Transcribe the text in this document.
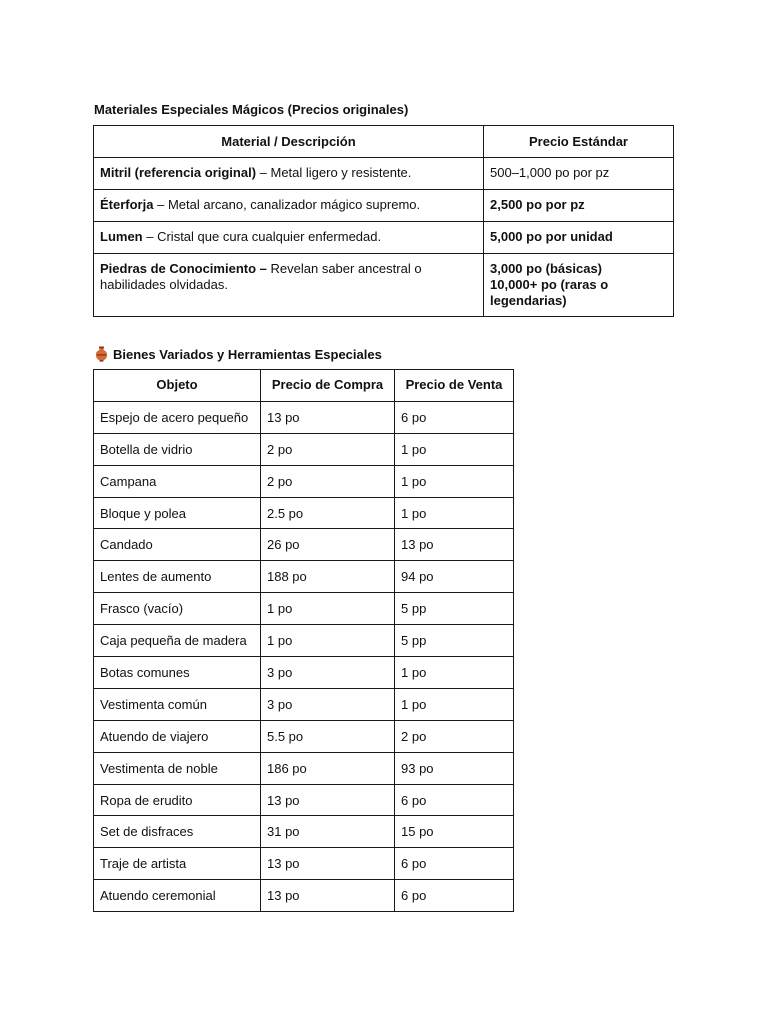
Materiales Especiales Mágicos (Precios originales)
Material / Descripción	Precio Estándar
Mitril (referencia original) – Metal ligero y resistente.	500–1,000 po por pz
Éterforja – Metal arcano, canalizador mágico supremo.	2,500 po por pz
Lumen – Cristal que cura cualquier enfermedad.	5,000 po por unidad
Piedras de Conocimiento – Revelan saber ancestral o habilidades olvidadas.	3,000 po (básicas)
10,000+ po (raras o legendarias)
Bienes Variados y Herramientas Especiales
Objeto	Precio de Compra	Precio de Venta
Espejo de acero pequeño	13 po	6 po
Botella de vidrio	2 po	1 po
Campana	2 po	1 po
Bloque y polea	2.5 po	1 po
Candado	26 po	13 po
Lentes de aumento	188 po	94 po
Frasco (vacío)	1 po	5 pp
Caja pequeña de madera	1 po	5 pp
Botas comunes	3 po	1 po
Vestimenta común	3 po	1 po
Atuendo de viajero	5.5 po	2 po
Vestimenta de noble	186 po	93 po
Ropa de erudito	13 po	6 po
Set de disfraces	31 po	15 po
Traje de artista	13 po	6 po
Atuendo ceremonial	13 po	6 po
